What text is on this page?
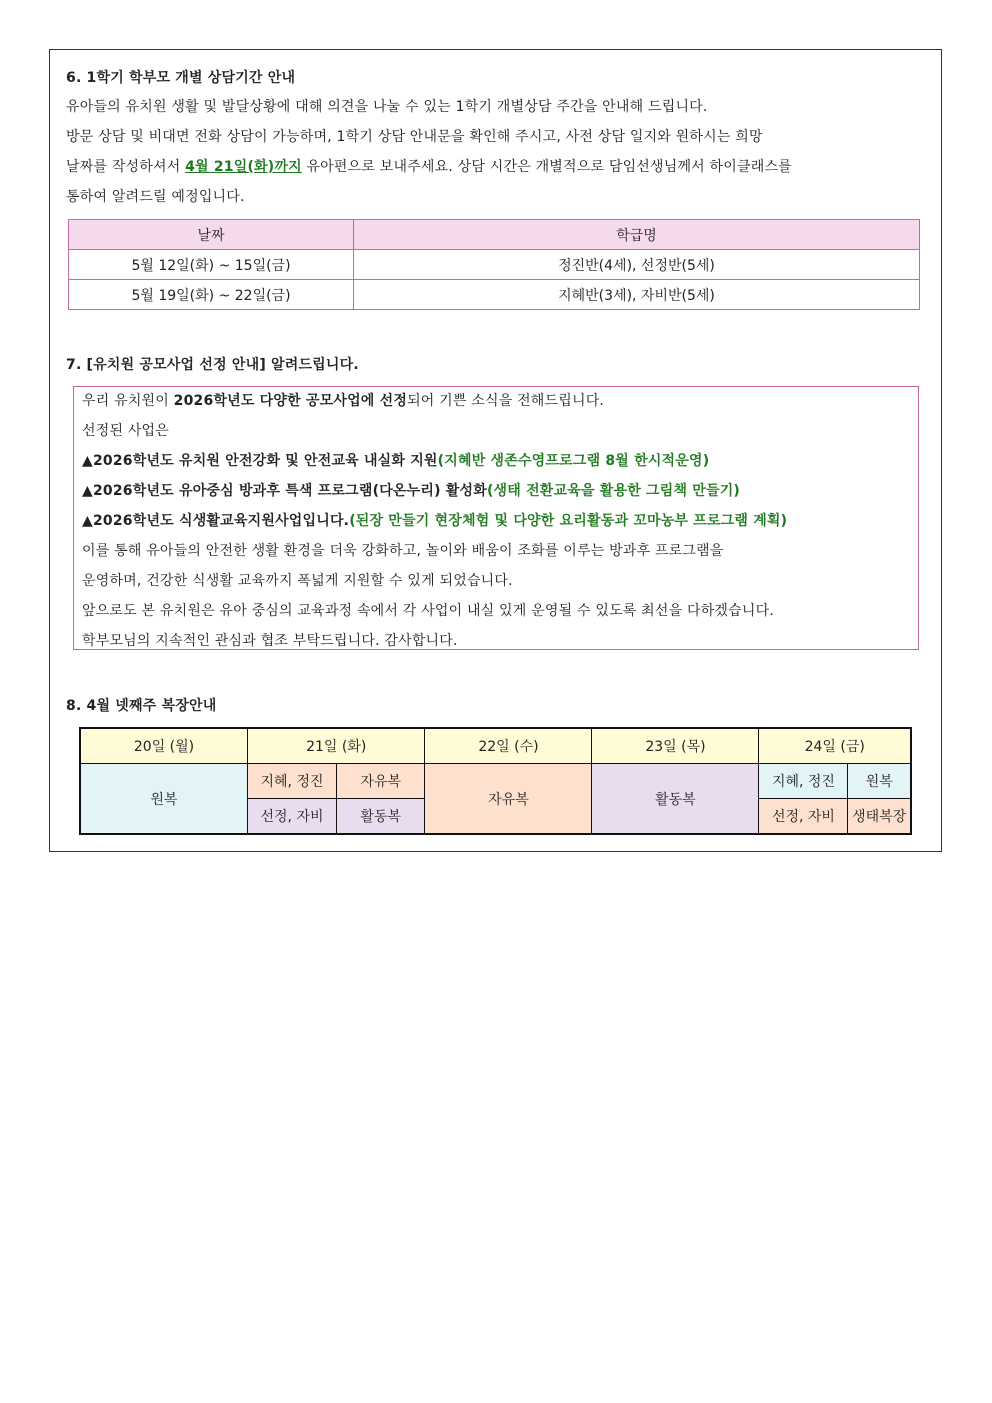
6. 1학기 학부모 개별 상담기간 안내
유아들의 유치원 생활 및 발달상황에 대해 의견을 나눌 수 있는 1학기 개별상담 주간을 안내해 드립니다.
방문 상담 및 비대면 전화 상담이 가능하며, 1학기 상담 안내문을 확인해 주시고, 사전 상담 일지와 원하시는 희망
날짜를 작성하셔서 4월 21일(화)까지 유아편으로 보내주세요. 상담 시간은 개별적으로 담임선생님께서 하이클래스를
통하여 알려드릴 예정입니다.
날짜	학급명
5월 12일(화) ~ 15일(금)	정진반(4세), 선정반(5세)
5월 19일(화) ~ 22일(금)	지혜반(3세), 자비반(5세)
7. [유치원 공모사업 선정 안내] 알려드립니다.
우리 유치원이 2026학년도 다양한 공모사업에 선정되어 기쁜 소식을 전해드립니다.
선정된 사업은
▲2026학년도 유치원 안전강화 및 안전교육 내실화 지원(지혜반 생존수영프로그램 8월 한시적운영)
▲2026학년도 유아중심 방과후 특색 프로그램(다온누리) 활성화(생태 전환교육을 활용한 그림책 만들기)
▲2026학년도 식생활교육지원사업입니다.(된장 만들기 현장체험 및 다양한 요리활동과 꼬마농부 프로그램 계획)
이를 통해 유아들의 안전한 생활 환경을 더욱 강화하고, 놀이와 배움이 조화를 이루는 방과후 프로그램을
운영하며, 건강한 식생활 교육까지 폭넓게 지원할 수 있게 되었습니다.
앞으로도 본 유치원은 유아 중심의 교육과정 속에서 각 사업이 내실 있게 운영될 수 있도록 최선을 다하겠습니다.
학부모님의 지속적인 관심과 협조 부탁드립니다. 감사합니다.
8. 4월 넷째주 복장안내
20일 (월)	21일 (화)		22일 (수)	23일 (목)	24일 (금)	
원복	지혜, 정진	자유복	자유복	활동복	지혜, 정진	원복
	선정, 자비	활동복			선정, 자비	생태복장
